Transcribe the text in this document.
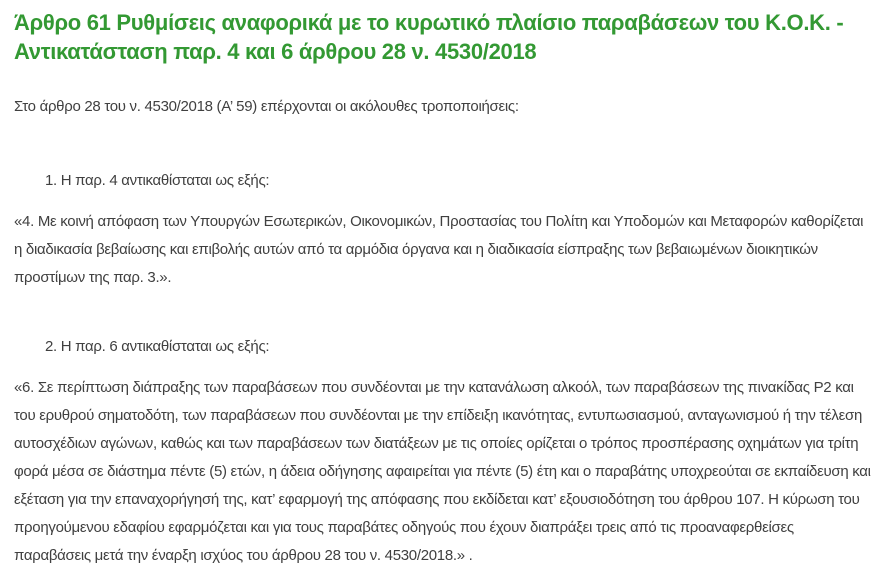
Άρθρο 61 Ρυθμίσεις αναφορικά με το κυρωτικό πλαίσιο παραβάσεων του Κ.Ο.Κ. - Αντικατάσταση παρ. 4 και 6 άρθρου 28 ν. 4530/2018

Στο άρθρο 28 του ν. 4530/2018 (Α’ 59) επέρχονται οι ακόλουθες τροποποιήσεις:

1. Η παρ. 4 αντικαθίσταται ως εξής:

«4. Με κοινή απόφαση των Υπουργών Εσωτερικών, Οικονομικών, Προστασίας του Πολίτη και Υποδομών και Μεταφορών καθορίζεται η διαδικασία βεβαίωσης και επιβολής αυτών από τα αρμόδια όργανα και η διαδικασία είσπραξης των βεβαιωμένων διοικητικών προστίμων της παρ. 3.».

2. Η παρ. 6 αντικαθίσταται ως εξής:

«6. Σε περίπτωση διάπραξης των παραβάσεων που συνδέονται με την κατανάλωση αλκοόλ, των παραβάσεων της πινακίδας Ρ2 και του ερυθρού σηματοδότη, των παραβάσεων που συνδέονται με την επίδειξη ικανότητας, εντυπωσιασμού, ανταγωνισμού ή την τέλεση αυτοσχέδιων αγώνων, καθώς και των παραβάσεων των διατάξεων με τις οποίες ορίζεται ο τρόπος προσπέρασης οχημάτων για τρίτη φορά μέσα σε διάστημα πέντε (5) ετών, η άδεια οδήγησης αφαιρείται για πέντε (5) έτη και ο παραβάτης υποχρεούται σε εκπαίδευση και εξέταση για την επαναχορήγησή της, κατ’ εφαρμογή της απόφασης που εκδίδεται κατ’ εξουσιοδότηση του άρθρου 107. Η κύρωση του προηγούμενου εδαφίου εφαρμόζεται και για τους παραβάτες οδηγούς που έχουν διαπράξει τρεις από τις προαναφερθείσες παραβάσεις μετά την έναρξη ισχύος του άρθρου 28 του ν. 4530/2018.» .
